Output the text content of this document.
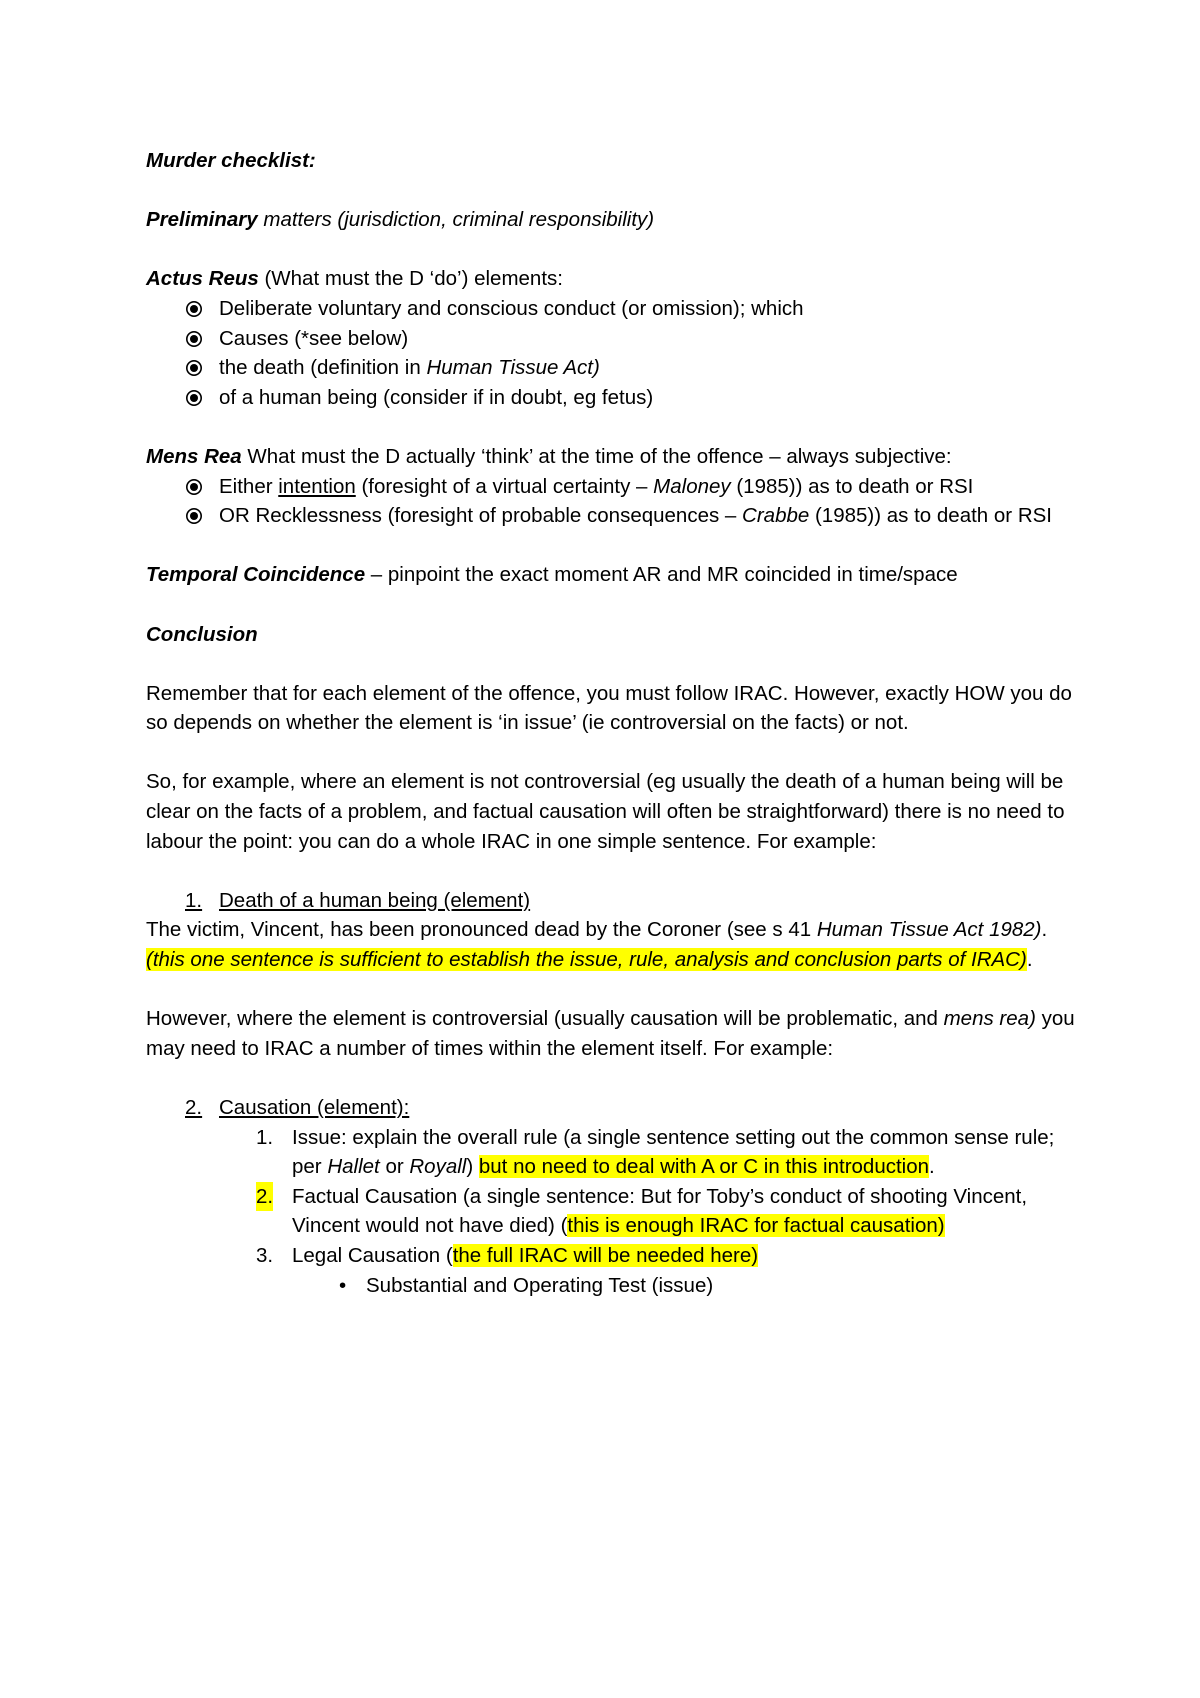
Murder checklist:

Preliminary matters (jurisdiction, criminal responsibility)

Actus Reus (What must the D ‘do’) elements:

Deliberate voluntary and conscious conduct (or omission); which
Causes (*see below)
the death (definition in Human Tissue Act)
of a human being (consider if in doubt, eg fetus)

Mens Rea What must the D actually ‘think’ at the time of the offence – always subjective:

Either intention (foresight of a virtual certainty – Maloney (1985)) as to death or RSI
OR Recklessness (foresight of probable consequences – Crabbe (1985)) as to death or RSI

Temporal Coincidence – pinpoint the exact moment AR and MR coincided in time/space

Conclusion

Remember that for each element of the offence, you must follow IRAC. However, exactly HOW you do so depends on whether the element is ‘in issue’ (ie controversial on the facts) or not.

So, for example, where an element is not controversial (eg usually the death of a human being will be clear on the facts of a problem, and factual causation will often be straightforward) there is no need to labour the point: you can do a whole IRAC in one simple sentence. For example:

1. Death of a human being (element)

The victim, Vincent, has been pronounced dead by the Coroner (see s 41 Human Tissue Act 1982). (this one sentence is sufficient to establish the issue, rule, analysis and conclusion parts of IRAC).

However, where the element is controversial (usually causation will be problematic, and mens rea) you may need to IRAC a number of times within the element itself. For example:

2. Causation (element):
1. Issue: explain the overall rule (a single sentence setting out the common sense rule; per Hallet or Royall) but no need to deal with A or C in this introduction.
2. Factual Causation (a single sentence: But for Toby’s conduct of shooting Vincent, Vincent would not have died) (this is enough IRAC for factual causation)
3. Legal Causation (the full IRAC will be needed here)
• Substantial and Operating Test (issue)
